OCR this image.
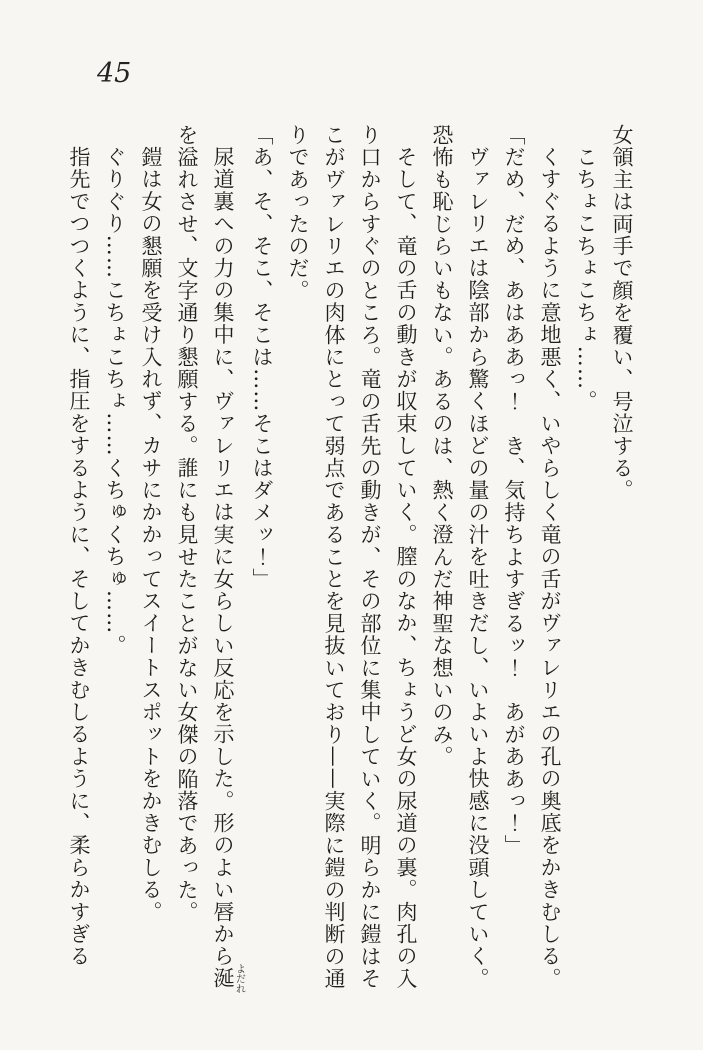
45

女領主は両手で顔を覆い、号泣する。

こちょこちょこちょ……。

くすぐるように意地悪く、いやらしく竜の舌がヴァレリエの孔の奥底をかきむしる。

「だめ、だめ、あはああっ！　き、気持ちよすぎるッ！　あがああっ！」

ヴァレリエは陰部から驚くほどの量の汁を吐きだし、いよいよ快感に没頭していく。恐怖も恥じらいもない。あるのは、熱く澄んだ神聖な想いのみ。

そして、竜の舌の動きが収束していく。膣のなか、ちょうど女の尿道の裏。肉孔の入り口からすぐのところ。竜の舌先の動きが、その部位に集中していく。明らかに鎧はそこがヴァレリエの肉体にとって弱点であることを見抜いており——実際に鎧の判断の通りであったのだ。

「あ、そ、そこ、そこは……そこはダメッ！」

尿道裏への力の集中に、ヴァレリエは実に女らしい反応を示した。形のよい唇から涎よだれを溢れさせ、文字通り懇願する。誰にも見せたことがない女傑の陥落であった。

鎧は女の懇願を受け入れず、カサにかかってスイートスポットをかきむしる。

ぐりぐり……こちょこちょ……くちゅくちゅ……。

指先でつつくように、指圧をするように、そしてかきむしるように、柔らかすぎる
